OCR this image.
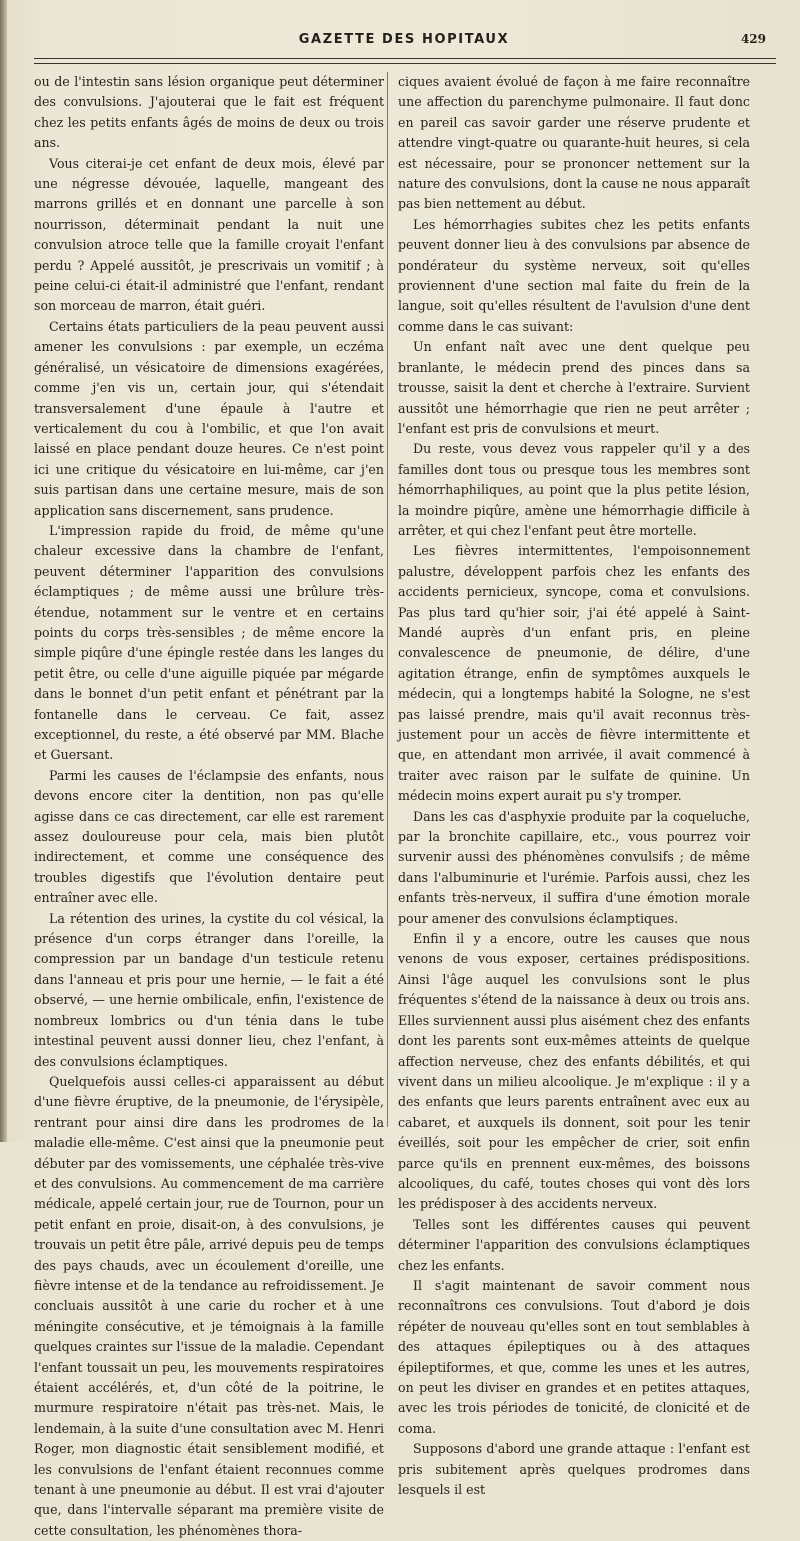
GAZETTE DES HOPITAUX	429

ou de l'intestin sans lésion organique peut déterminer des convulsions. J'ajouterai que le fait est fréquent chez les petits enfants âgés de moins de deux ou trois ans.

Vous citerai-je cet enfant de deux mois, élevé par une négresse dévouée, laquelle, mangeant des marrons grillés et en donnant une parcelle à son nourrisson, déterminait pendant la nuit une convulsion atroce telle que la famille croyait l'enfant perdu ? Appelé aussitôt, je prescrivais un vomitif ; à peine celui-ci était-il administré que l'enfant, rendant son morceau de marron, était guéri.

Certains états particuliers de la peau peuvent aussi amener les convulsions : par exemple, un eczéma généralisé, un vésicatoire de dimensions exagérées, comme j'en vis un, certain jour, qui s'étendait transversalement d'une épaule à l'autre et verticalement du cou à l'ombilic, et que l'on avait laissé en place pendant douze heures. Ce n'est point ici une critique du vésicatoire en lui-même, car j'en suis partisan dans une certaine mesure, mais de son application sans discernement, sans prudence.

L'impression rapide du froid, de même qu'une chaleur excessive dans la chambre de l'enfant, peuvent déterminer l'apparition des convulsions éclamptiques ; de même aussi une brûlure très-étendue, notamment sur le ventre et en certains points du corps très-sensibles ; de même encore la simple piqûre d'une épingle restée dans les langes du petit être, ou celle d'une aiguille piquée par mégarde dans le bonnet d'un petit enfant et pénétrant par la fontanelle dans le cerveau. Ce fait, assez exceptionnel, du reste, a été observé par MM. Blache et Guersant.

Parmi les causes de l'éclampsie des enfants, nous devons encore citer la dentition, non pas qu'elle agisse dans ce cas directement, car elle est rarement assez douloureuse pour cela, mais bien plutôt indirectement, et comme une conséquence des troubles digestifs que l'évolution dentaire peut entraîner avec elle.

La rétention des urines, la cystite du col vésical, la présence d'un corps étranger dans l'oreille, la compression par un bandage d'un testicule retenu dans l'anneau et pris pour une hernie, — le fait a été observé, — une hernie ombilicale, enfin, l'existence de nombreux lombrics ou d'un ténia dans le tube intestinal peuvent aussi donner lieu, chez l'enfant, à des convulsions éclamptiques.

Quelquefois aussi celles-ci apparaissent au début d'une fièvre éruptive, de la pneumonie, de l'érysipèle, rentrant pour ainsi dire dans les prodromes de la maladie elle-même. C'est ainsi que la pneumonie peut débuter par des vomissements, une céphalée très-vive et des convulsions. Au commencement de ma carrière médicale, appelé certain jour, rue de Tournon, pour un petit enfant en proie, disait-on, à des convulsions, je trouvais un petit être pâle, arrivé depuis peu de temps des pays chauds, avec un écoulement d'oreille, une fièvre intense et de la tendance au refroidissement. Je concluais aussitôt à une carie du rocher et à une méningite consécutive, et je témoignais à la famille quelques craintes sur l'issue de la maladie. Cependant l'enfant toussait un peu, les mouvements respiratoires étaient accélérés, et, d'un côté de la poitrine, le murmure respiratoire n'était pas très-net. Mais, le lendemain, à la suite d'une consultation avec M. Henri Roger, mon diagnostic était sensiblement modifié, et les convulsions de l'enfant étaient reconnues comme tenant à une pneumonie au début. Il est vrai d'ajouter que, dans l'intervalle séparant ma première visite de cette consultation, les phénomènes thora-

ciques avaient évolué de façon à me faire reconnaître une affection du parenchyme pulmonaire. Il faut donc en pareil cas savoir garder une réserve prudente et attendre vingt-quatre ou quarante-huit heures, si cela est nécessaire, pour se prononcer nettement sur la nature des convulsions, dont la cause ne nous apparaît pas bien nettement au début.

Les hémorrhagies subites chez les petits enfants peuvent donner lieu à des convulsions par absence de pondérateur du système nerveux, soit qu'elles proviennent d'une section mal faite du frein de la langue, soit qu'elles résultent de l'avulsion d'une dent comme dans le cas suivant:

Un enfant naît avec une dent quelque peu branlante, le médecin prend des pinces dans sa trousse, saisit la dent et cherche à l'extraire. Survient aussitôt une hémorrhagie que rien ne peut arrêter ; l'enfant est pris de convulsions et meurt.

Du reste, vous devez vous rappeler qu'il y a des familles dont tous ou presque tous les membres sont hémorrhaphiliques, au point que la plus petite lésion, la moindre piqûre, amène une hémorrhagie difficile à arrêter, et qui chez l'enfant peut être mortelle.

Les fièvres intermittentes, l'empoisonnement palustre, développent parfois chez les enfants des accidents pernicieux, syncope, coma et convulsions. Pas plus tard qu'hier soir, j'ai été appelé à Saint-Mandé auprès d'un enfant pris, en pleine convalescence de pneumonie, de délire, d'une agitation étrange, enfin de symptômes auxquels le médecin, qui a longtemps habité la Sologne, ne s'est pas laissé prendre, mais qu'il avait reconnus très-justement pour un accès de fièvre intermittente et que, en attendant mon arrivée, il avait commencé à traiter avec raison par le sulfate de quinine. Un médecin moins expert aurait pu s'y tromper.

Dans les cas d'asphyxie produite par la coqueluche, par la bronchite capillaire, etc., vous pourrez voir survenir aussi des phénomènes convulsifs ; de même dans l'albuminurie et l'urémie. Parfois aussi, chez les enfants très-nerveux, il suffira d'une émotion morale pour amener des convulsions éclamptiques.

Enfin il y a encore, outre les causes que nous venons de vous exposer, certaines prédispositions. Ainsi l'âge auquel les convulsions sont le plus fréquentes s'étend de la naissance à deux ou trois ans. Elles surviennent aussi plus aisément chez des enfants dont les parents sont eux-mêmes atteints de quelque affection nerveuse, chez des enfants débilités, et qui vivent dans un milieu alcoolique. Je m'explique : il y a des enfants que leurs parents entraînent avec eux au cabaret, et auxquels ils donnent, soit pour les tenir éveillés, soit pour les empêcher de crier, soit enfin parce qu'ils en prennent eux-mêmes, des boissons alcooliques, du café, toutes choses qui vont dès lors les prédisposer à des accidents nerveux.

Telles sont les différentes causes qui peuvent déterminer l'apparition des convulsions éclamptiques chez les enfants.

Il s'agit maintenant de savoir comment nous reconnaîtrons ces convulsions. Tout d'abord je dois répéter de nouveau qu'elles sont en tout semblables à des attaques épileptiques ou à des attaques épileptiformes, et que, comme les unes et les autres, on peut les diviser en grandes et en petites attaques, avec les trois périodes de tonicité, de clonicité et de coma.

Supposons d'abord une grande attaque : l'enfant est pris subitement après quelques prodromes dans lesquels il est
